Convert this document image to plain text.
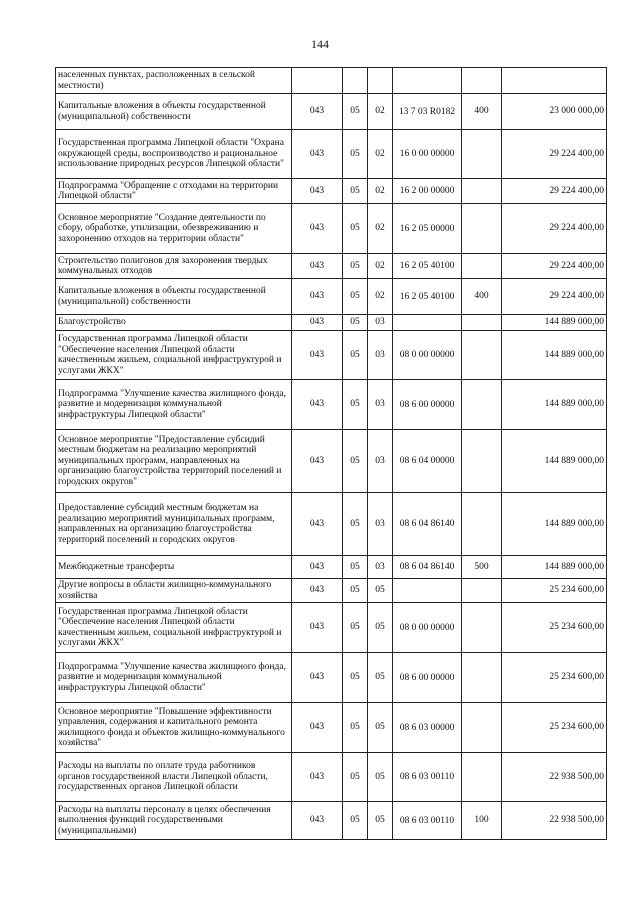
144
населенных пунктах, расположенных в сельской местности)						
Капитальные вложения в объекты государственной (муниципальной) собственности	043	05	02	13 7 03 R0182	400	23 000 000,00
Государственная программа Липецкой области "Охрана окружающей среды, воспроизводство и рациональное использование природных ресурсов Липецкой области"	043	05	02	16 0 00 00000		29 224 400,00
Подпрограмма "Обращение с отходами на территории Липецкой области"	043	05	02	16 2 00 00000		29 224 400,00
Основное мероприятие "Создание деятельности по сбору, обработке, утилизации, обезвреживанию и захоронению отходов на территории области"	043	05	02	16 2 05 00000		29 224 400,00
Строительство полигонов для захоронения твердых коммунальных отходов	043	05	02	16 2 05 40100		29 224 400,00
Капитальные вложения в объекты государственной (муниципальной) собственности	043	05	02	16 2 05 40100	400	29 224 400,00
Благоустройство	043	05	03			144 889 000,00
Государственная программа Липецкой области "Обеспечение населения Липецкой области качественным жильем, социальной инфраструктурой и услугами ЖКХ"	043	05	03	08 0 00 00000		144 889 000,00
Подпрограмма "Улучшение качества жилищного фонда, развитие и модернизация коммунальной инфраструктуры Липецкой области"	043	05	03	08 6 00 00000		144 889 000,00
Основное мероприятие "Предоставление субсидий местным бюджетам на реализацию мероприятий муниципальных программ, направленных на организацию благоустройства территорий поселений и городских округов"	043	05	03	08 6 04 00000		144 889 000,00
Предоставление субсидий местным бюджетам на реализацию мероприятий муниципальных программ, направленных на организацию благоустройства территорий поселений и городских округов	043	05	03	08 6 04 86140		144 889 000,00
Межбюджетные трансферты	043	05	03	08 6 04 86140	500	144 889 000,00
Другие вопросы в области жилищно-коммунального хозяйства	043	05	05			25 234 600,00
Государственная программа Липецкой области "Обеспечение населения Липецкой области качественным жильем, социальной инфраструктурой и услугами ЖКХ"	043	05	05	08 0 00 00000		25 234 600,00
Подпрограмма "Улучшение качества жилищного фонда, развитие и модернизация коммунальной инфраструктуры Липецкой области"	043	05	05	08 6 00 00000		25 234 600,00
Основное мероприятие "Повышение эффективности управления, содержания и капитального ремонта жилищного фонда и объектов жилищно-коммунального хозяйства"	043	05	05	08 6 03 00000		25 234 600,00
Расходы на выплаты по оплате труда работников органов государственной власти Липецкой области, государственных органов Липецкой области	043	05	05	08 6 03 00110		22 938 500,00
Расходы на выплаты персоналу в целях обеспечения выполнения функций государственными (муниципальными)	043	05	05	08 6 03 00110	100	22 938 500,00
